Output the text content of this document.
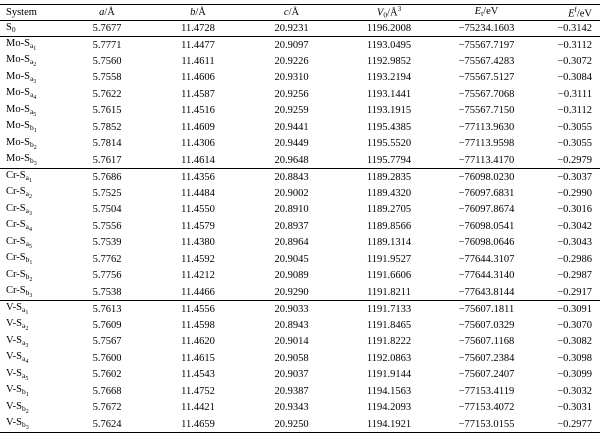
System	a/Å	b/Å	c/Å	$V_0/Å^3$	$E_t/eV$	$E^f/eV$
$S_0$	5.7677	11.4728	20.9231	1196.2008	−75234.1603	−0.3142
$Mo-S_{a_1}$	5.7771	11.4477	20.9097	1193.0495	−75567.7197	−0.3112
$Mo-S_{a_2}$	5.7560	11.4611	20.9226	1192.9852	−75567.4283	−0.3072
$Mo-S_{a_3}$	5.7558	11.4606	20.9310	1193.2194	−75567.5127	−0.3084
$Mo-S_{a_4}$	5.7622	11.4587	20.9256	1193.1441	−75567.7068	−0.3111
$Mo-S_{a_5}$	5.7615	11.4516	20.9259	1193.1915	−75567.7150	−0.3112
$Mo-S_{b_1}$	5.7852	11.4609	20.9441	1195.4385	−77113.9630	−0.3055
$Mo-S_{b_2}$	5.7814	11.4306	20.9449	1195.5520	−77113.9598	−0.3055
$Mo-S_{b_3}$	5.7617	11.4614	20.9648	1195.7794	−77113.4170	−0.2979
$Cr-S_{a_1}$	5.7686	11.4356	20.8843	1189.2835	−76098.0230	−0.3037
$Cr-S_{a_2}$	5.7525	11.4484	20.9002	1189.4320	−76097.6831	−0.2990
$Cr-S_{a_3}$	5.7504	11.4550	20.8910	1189.2705	−76097.8674	−0.3016
$Cr-S_{a_4}$	5.7556	11.4579	20.8937	1189.8566	−76098.0541	−0.3042
$Cr-S_{a_5}$	5.7539	11.4380	20.8964	1189.1314	−76098.0646	−0.3043
$Cr-S_{b_1}$	5.7762	11.4592	20.9045	1191.9527	−77644.3107	−0.2986
$Cr-S_{b_2}$	5.7756	11.4212	20.9089	1191.6606	−77644.3140	−0.2987
$Cr-S_{b_3}$	5.7538	11.4466	20.9290	1191.8211	−77643.8144	−0.2917
$V-S_{a_1}$	5.7613	11.4556	20.9033	1191.7133	−75607.1811	−0.3091
$V-S_{a_2}$	5.7609	11.4598	20.8943	1191.8465	−75607.0329	−0.3070
$V-S_{a_3}$	5.7567	11.4620	20.9014	1191.8222	−75607.1168	−0.3082
$V-S_{a_4}$	5.7600	11.4615	20.9058	1192.0863	−75607.2384	−0.3098
$V-S_{a_5}$	5.7602	11.4543	20.9037	1191.9144	−75607.2407	−0.3099
$V-S_{b_1}$	5.7668	11.4752	20.9387	1194.1563	−77153.4119	−0.3032
$V-S_{b_2}$	5.7672	11.4421	20.9343	1194.2093	−77153.4072	−0.3031
$V-S_{b_3}$	5.7624	11.4659	20.9250	1194.1921	−77153.0155	−0.2977
